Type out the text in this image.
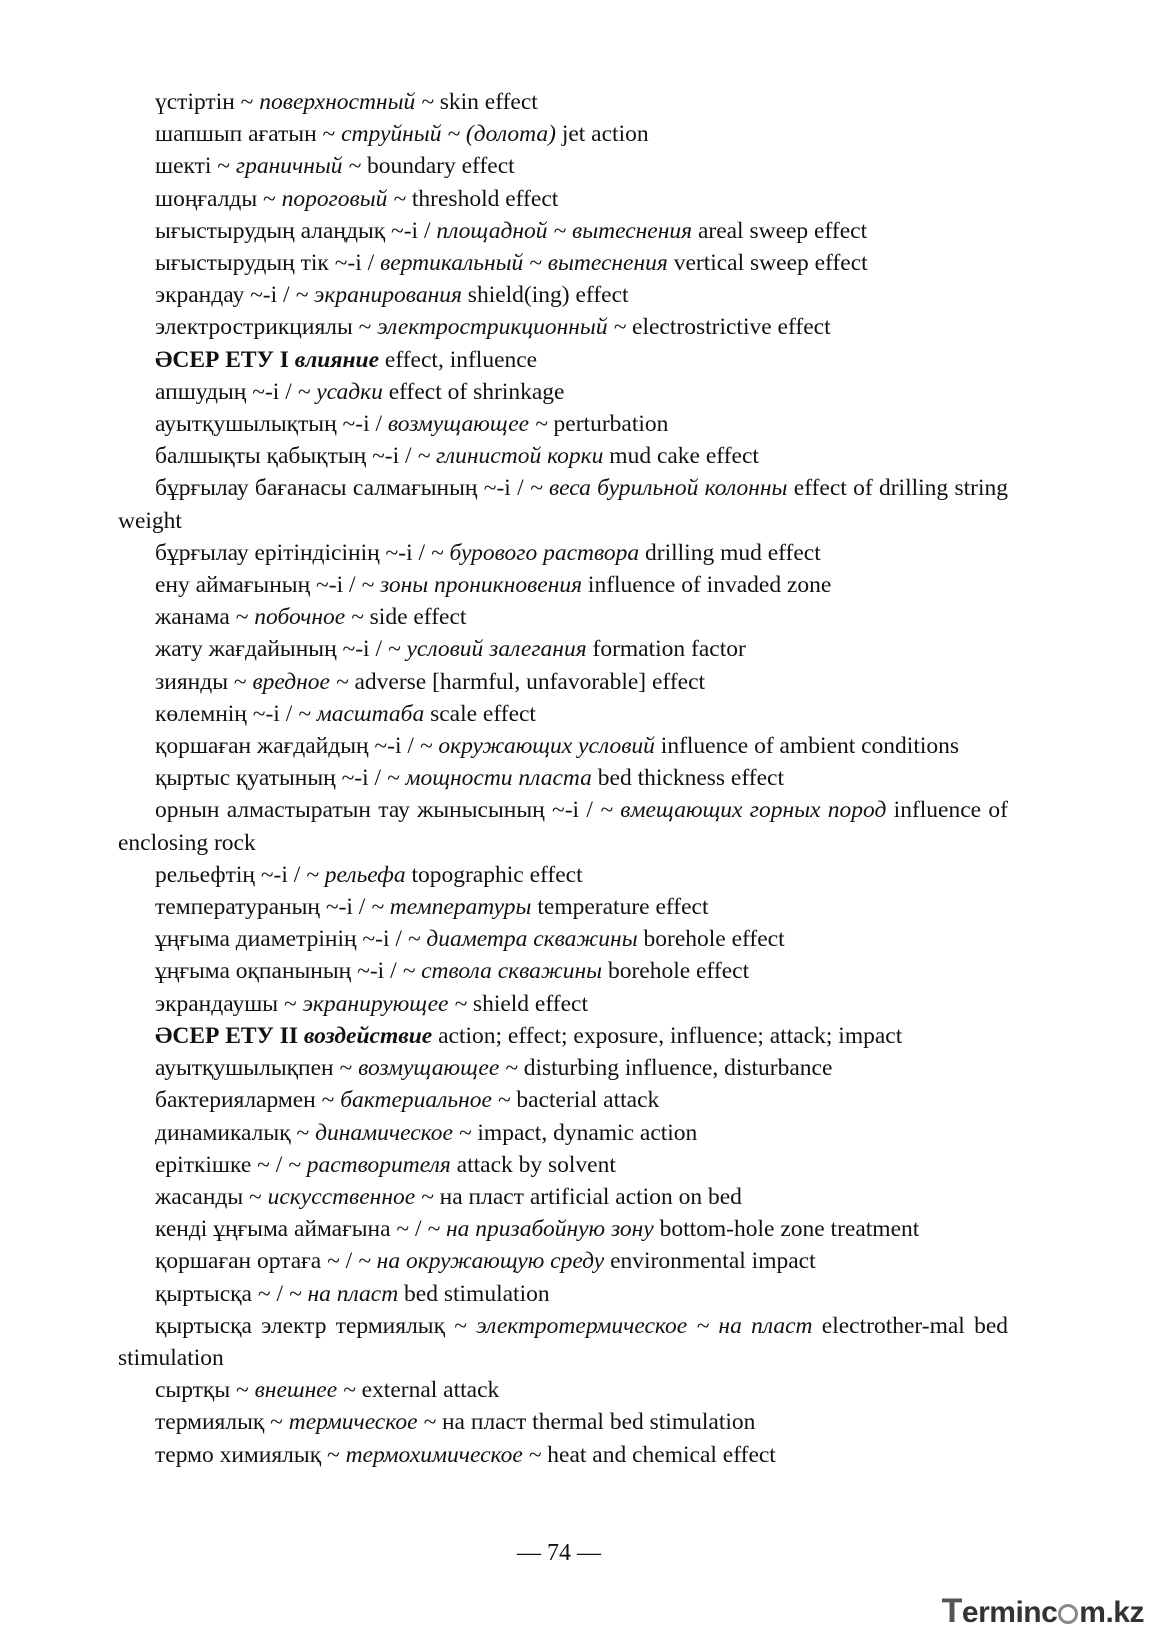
үстіртін ~ поверхностный ~ skin effect

шапшып ағатын ~ струйный ~ (долота) jet action

шекті ~ граничный ~ boundary effect

шоңғалды ~ пороговый ~ threshold effect

ығыстырудың алаңдық ~-і / площадной ~ вытеснения areal sweep effect

ығыстырудың тік ~-і / вертикальный ~ вытеснения vertical sweep effect

экрандау ~-і / ~ экранирования shield(ing) effect

электрострикциялы ~ электрострикционный ~ electrostrictive effect

ӘСЕР ЕТУ І влияние effect, influence

апшудың ~-і / ~ усадки effect of shrinkage

ауытқушылықтың ~-і / возмущающее ~ perturbation

балшықты қабықтың ~-і / ~ глинистой корки mud cake effect

бұрғылау бағанасы салмағының ~-і / ~ веса бурильной колонны effect of drilling string weight

бұрғылау ерітіндісінің ~-і / ~ бурового раствора drilling mud effect

ену аймағының ~-і / ~ зоны проникновения influence of invaded zone

жанама ~ побочное ~ side effect

жату жағдайының ~-і / ~ условий залегания formation factor

зиянды ~ вредное ~ adverse [harmful, unfavorable] effect

көлемнің ~-і / ~ масштаба scale effect

қоршаған жағдайдың ~-і / ~ окружающих условий influence of ambient conditions

қыртыс қуатының ~-і / ~ мощности пласта bed thickness effect

орнын алмастыратын тау жынысының ~-і / ~ вмещающих горных пород influence of enclosing rock

рельефтің ~-і / ~ рельефа topographic effect

температураның ~-і / ~ температуры temperature effect

ұңғыма диаметрінің ~-і / ~ диаметра скважины borehole effect

ұңғыма оқпанының ~-і / ~ ствола скважины borehole effect

экрандаушы ~ экранирующее ~ shield effect

ӘСЕР ЕТУ ІІ воздействие action; effect; exposure, influence; attack; impact

ауытқушылықпен ~ возмущающее ~ disturbing influence, disturbance

бактериялармен ~ бактериальное ~ bacterial attack

динамикалық ~ динамическое ~ impact, dynamic action

еріткішке ~ / ~ растворителя attack by solvent

жасанды ~ искусственное ~ на пласт artificial action on bed

кенді ұңғыма аймағына ~ / ~ на призабойную зону bottom-hole zone treatment

қоршаған ортаға ~ / ~ на окружающую среду environmental impact

қыртысқа ~ / ~ на пласт bed stimulation

қыртысқа электр термиялық ~ электротермическое ~ на пласт electrother-mal bed stimulation

сыртқы ~ внешнее ~ external attack

термиялық ~ термическое ~ на пласт thermal bed stimulation

термо химиялық ~ термохимическое ~ heat and chemical effect

— 74 —
Terminc m.kz
